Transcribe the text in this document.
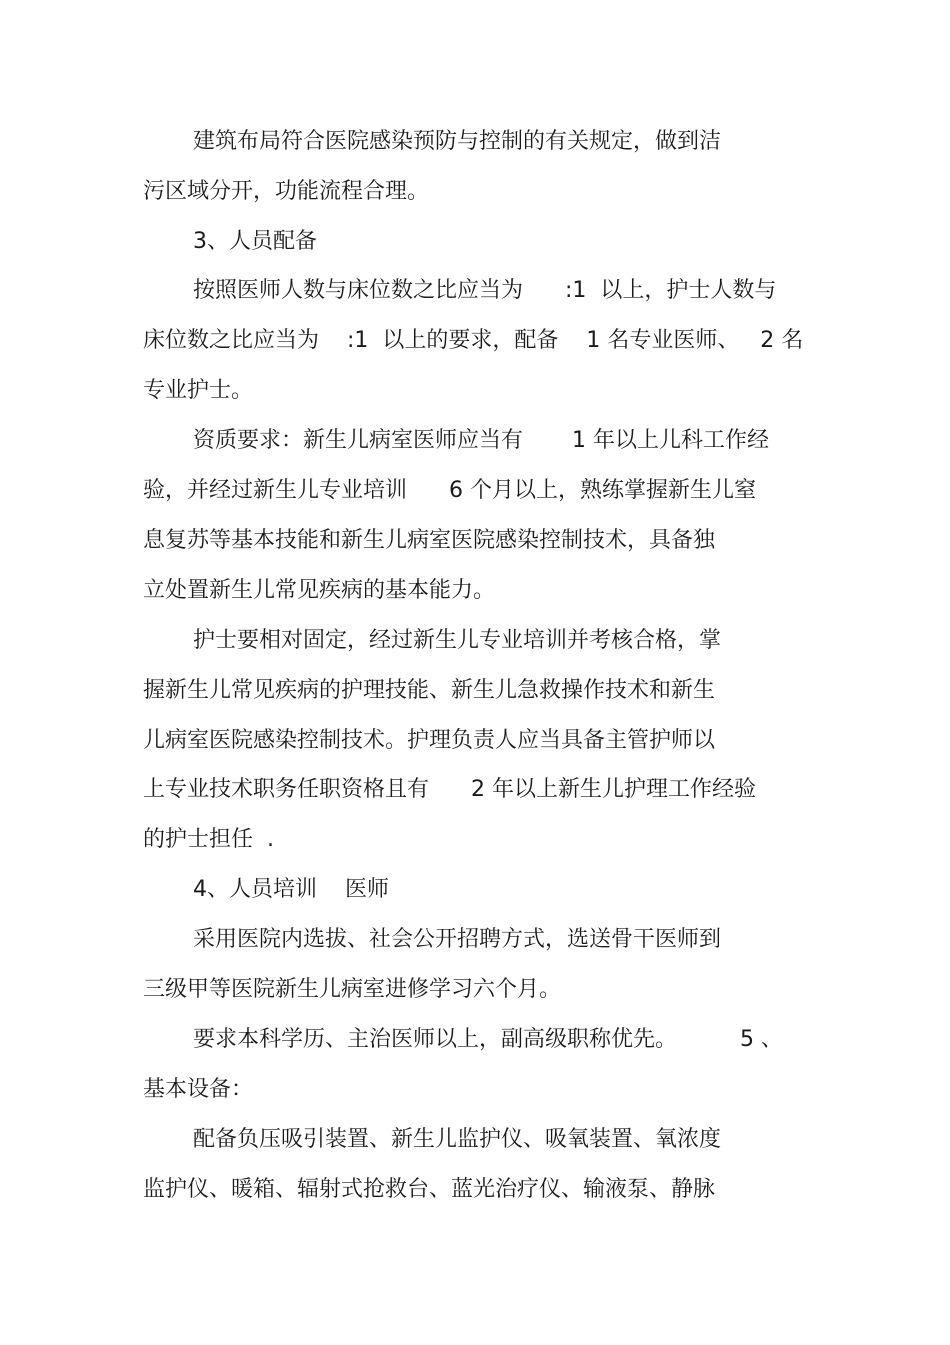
建筑布局符合医院感染预防与控制的有关规定，做到洁
污区域分开，功能流程合理。
3、人员配备
按照医师人数与床位数之比应当为      :1  以上，护士人数与
床位数之比应当为    :1  以上的要求，配备    1 名专业医师、   2 名
专业护士。
资质要求：新生儿病室医师应当有       1 年以上儿科工作经
验，并经过新生儿专业培训      6 个月以上，熟练掌握新生儿窒
息复苏等基本技能和新生儿病室医院感染控制技术，具备独
立处置新生儿常见疾病的基本能力。
护士要相对固定，经过新生儿专业培训并考核合格，掌
握新生儿常见疾病的护理技能、新生儿急救操作技术和新生
儿病室医院感染控制技术。护理负责人应当具备主管护师以
上专业技术职务任职资格且有      2 年以上新生儿护理工作经验
的护士担任  .
4、人员培训    医师
采用医院内选拔、社会公开招聘方式，选送骨干医师到
三级甲等医院新生儿病室进修学习六个月。
要求本科学历、主治医师以上，副高级职称优先。         5 、
基本设备：
配备负压吸引装置、新生儿监护仪、吸氧装置、氧浓度
监护仪、暖箱、辐射式抢救台、蓝光治疗仪、输液泵、静脉
